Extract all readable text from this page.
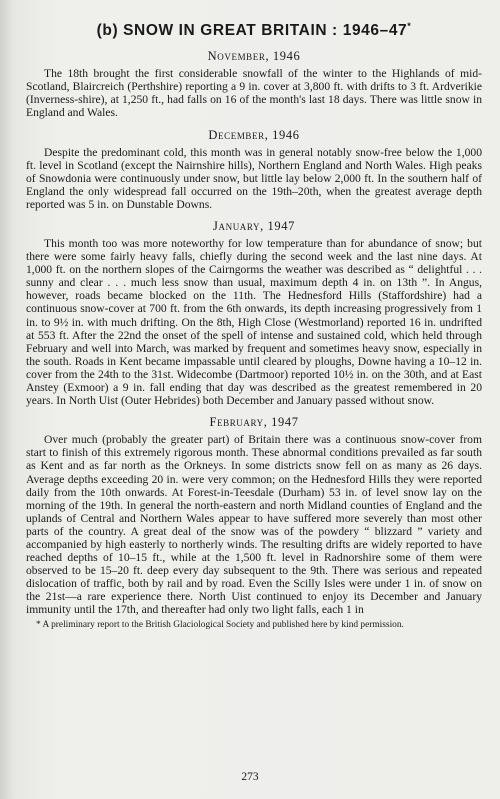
(b) SNOW IN GREAT BRITAIN : 1946–47*
November, 1946

The 18th brought the first considerable snowfall of the winter to the Highlands of mid-Scotland, Blaircreich (Perthshire) reporting a 9 in. cover at 3,800 ft. with drifts to 3 ft. Ardverikie (Inverness-shire), at 1,250 ft., had falls on 16 of the month's last 18 days. There was little snow in England and Wales.

December, 1946

Despite the predominant cold, this month was in general notably snow-free below the 1,000 ft. level in Scotland (except the Nairnshire hills), Northern England and North Wales. High peaks of Snowdonia were continuously under snow, but little lay below 2,000 ft. In the southern half of England the only widespread fall occurred on the 19th–20th, when the greatest average depth reported was 5 in. on Dunstable Downs.

January, 1947

This month too was more noteworthy for low temperature than for abundance of snow; but there were some fairly heavy falls, chiefly during the second week and the last nine days. At 1,000 ft. on the northern slopes of the Cairngorms the weather was described as “ delightful . . . sunny and clear . . . much less snow than usual, maximum depth 4 in. on 13th ”. In Angus, however, roads became blocked on the 11th. The Hednesford Hills (Staffordshire) had a continuous snow-cover at 700 ft. from the 6th onwards, its depth increasing progressively from 1 in. to 9½ in. with much drifting. On the 8th, High Close (Westmorland) reported 16 in. undrifted at 553 ft. After the 22nd the onset of the spell of intense and sustained cold, which held through February and well into March, was marked by frequent and sometimes heavy snow, especially in the south. Roads in Kent became impassable until cleared by ploughs, Downe having a 10–12 in. cover from the 24th to the 31st. Widecombe (Dartmoor) reported 10½ in. on the 30th, and at East Anstey (Exmoor) a 9 in. fall ending that day was described as the greatest remembered in 20 years. In North Uist (Outer Hebrides) both December and January passed without snow.

February, 1947

Over much (probably the greater part) of Britain there was a continuous snow-cover from start to finish of this extremely rigorous month. These abnormal conditions prevailed as far south as Kent and as far north as the Orkneys. In some districts snow fell on as many as 26 days. Average depths exceeding 20 in. were very common; on the Hednesford Hills they were reported daily from the 10th onwards. At Forest-in-Teesdale (Durham) 53 in. of level snow lay on the morning of the 19th. In general the north-eastern and north Midland counties of England and the uplands of Central and Northern Wales appear to have suffered more severely than most other parts of the country. A great deal of the snow was of the powdery “ blizzard ” variety and accompanied by high easterly to northerly winds. The resulting drifts are widely reported to have reached depths of 10–15 ft., while at the 1,500 ft. level in Radnorshire some of them were observed to be 15–20 ft. deep every day subsequent to the 9th. There was serious and repeated dislocation of traffic, both by rail and by road. Even the Scilly Isles were under 1 in. of snow on the 21st—a rare experience there. North Uist continued to enjoy its December and January immunity until the 17th, and thereafter had only two light falls, each 1 in

* A preliminary report to the British Glaciological Society and published here by kind permission.

273
